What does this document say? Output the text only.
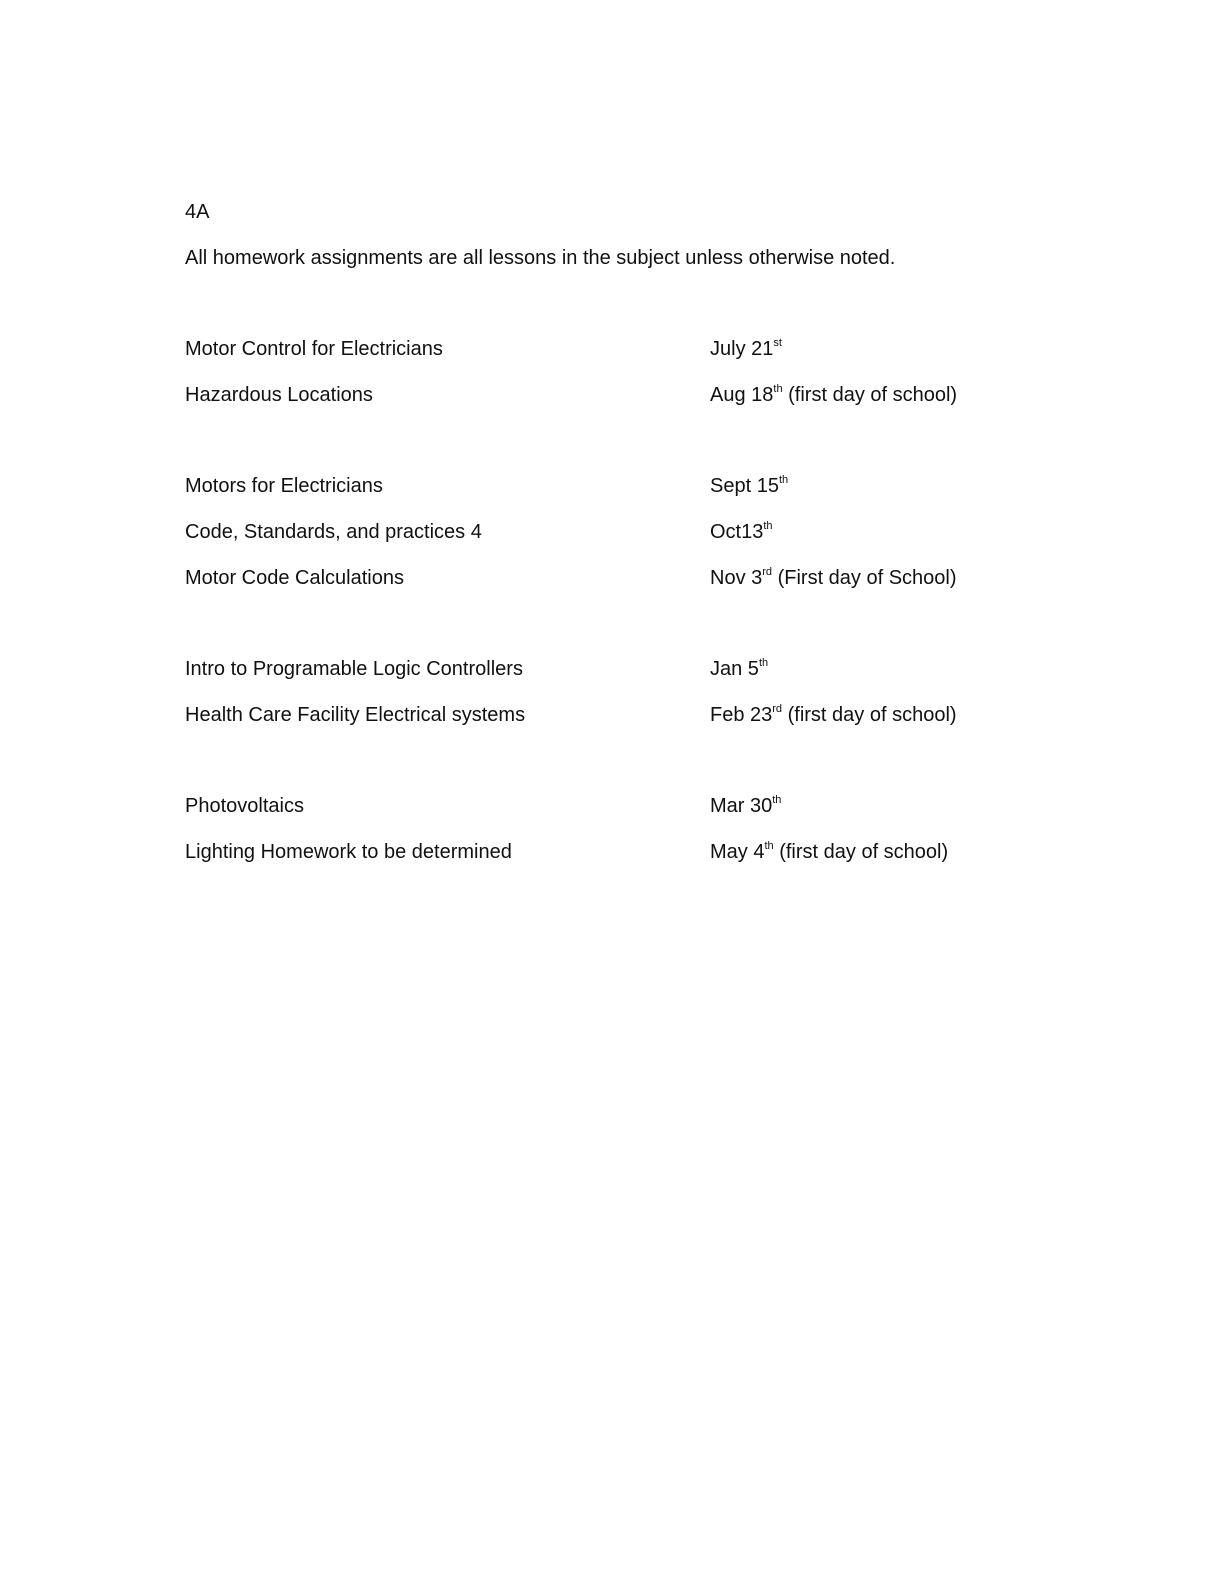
4A

All homework assignments are all lessons in the subject unless otherwise noted.

Motor Control for Electricians	July 21st
Hazardous Locations	Aug 18th (first day of school)
Motors for Electricians	Sept 15th
Code, Standards, and practices 4	Oct13th
Motor Code Calculations	Nov 3rd (First day of School)
Intro to Programable Logic Controllers	Jan 5th
Health Care Facility Electrical systems	Feb 23rd (first day of school)
Photovoltaics	Mar 30th
Lighting Homework to be determined	May 4th (first day of school)
